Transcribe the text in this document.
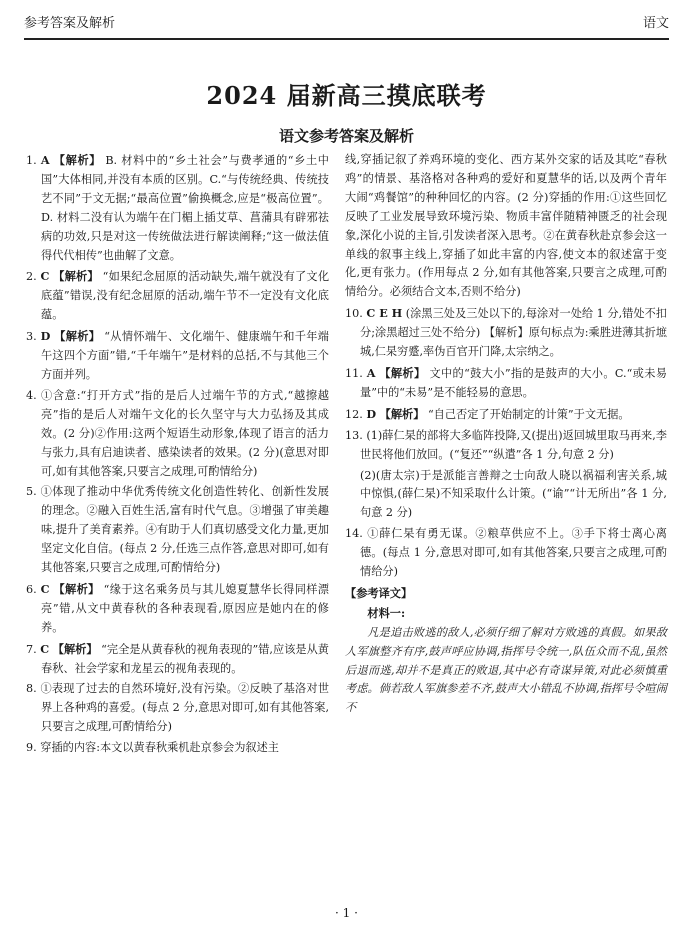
参考答案及解析	语文
2024 届新高三摸底联考
语文参考答案及解析

1. A 【解析】 B. 材料中的“乡土社会”与费孝通的“乡土中国”大体相同,并没有本质的区别。C.“与传统经典、传统技艺不同”于文无据;“最高位置”偷换概念,应是“极高位置”。D. 材料二没有认为端午在门楣上插艾草、菖蒲具有辟邪祛病的功效,只是对这一传统做法进行解读阐释;“这一做法值得代代相传”也曲解了文意。

2. C 【解析】 “如果纪念屈原的活动缺失,端午就没有了文化底蕴”错误,没有纪念屈原的活动,端午节不一定没有文化底蕴。

3. D 【解析】 “从情怀端午、文化端午、健康端午和千年端午这四个方面”错,“千年端午”是材料的总括,不与其他三个方面并列。

4. ①含意:“打开方式”指的是后人过端午节的方式,“越擦越亮”指的是后人对端午文化的长久坚守与大力弘扬及其成效。(2 分)②作用:这两个短语生动形象,体现了语言的活力与张力,具有启迪读者、感染读者的效果。(2 分)(意思对即可,如有其他答案,只要言之成理,可酌情给分)

5. ①体现了推动中华优秀传统文化创造性转化、创新性发展的理念。②融入百姓生活,富有时代气息。③增强了审美趣味,提升了美育素养。④有助于人们真切感受文化力量,更加坚定文化自信。(每点 2 分,任选三点作答,意思对即可,如有其他答案,只要言之成理,可酌情给分)

6. C 【解析】 “缘于这名乘务员与其儿媳夏慧华长得同样漂亮”错,从文中黄春秋的各种表现看,原因应是她内在的修养。

7. C 【解析】 “完全是从黄春秋的视角表现的”错,应该是从黄春秋、社会学家和龙星云的视角表现的。

8. ①表现了过去的自然环境好,没有污染。②反映了基洛对世界上各种鸡的喜爱。(每点 2 分,意思对即可,如有其他答案,只要言之成理,可酌情给分)

9. 穿插的内容:本文以黄春秋乘机赴京参会为叙述主

线,穿插记叙了养鸡环境的变化、西方某外交家的话及其吃“春秋鸡”的情景、基洛格对各种鸡的爱好和夏慧华的话,以及两个青年大闹“鸡餐馆”的种种回忆的内容。(2 分)穿插的作用:①这些回忆反映了工业发展导致环境污染、物质丰富伴随精神匮乏的社会现象,深化小说的主旨,引发读者深入思考。②在黄春秋赴京参会这一单线的叙事主线上,穿插了如此丰富的内容,使文本的叙述富于变化,更有张力。(作用每点 2 分,如有其他答案,只要言之成理,可酌情给分。必须结合文本,否则不给分)

10. C E H (涂黑三处及三处以下的,每涂对一处给 1 分,错处不扣分;涂黑超过三处不给分) 【解析】原句标点为:乘胜进薄其折墌城,仁杲穷蹙,率伪百官开门降,太宗纳之。

11. A 【解析】 文中的“鼓大小”指的是鼓声的大小。C.“或未易量”中的“未易”是不能轻易的意思。

12. D 【解析】 “自己否定了开始制定的计策”于文无据。

13. (1)薛仁杲的部将大多临阵投降,又(提出)返回城里取马再来,李世民将他们放回。(“复还”“纵遣”各 1 分,句意 2 分)

(2)(唐太宗)于是派能言善辩之士向敌人晓以祸福利害关系,城中惊惧,(薛仁杲)不知采取什么计策。(“谕”“计无所出”各 1 分,句意 2 分)

14. ①薛仁杲有勇无谋。②粮草供应不上。③手下将士离心离德。(每点 1 分,意思对即可,如有其他答案,只要言之成理,可酌情给分)

【参考译文】
材料一:

凡是追击败逃的敌人,必须仔细了解对方败逃的真假。如果敌人军旗整齐有序,鼓声呼应协调,指挥号令统一,队伍众而不乱,虽然后退而逃,却并不是真正的败退,其中必有奇谋异策,对此必须慎重考虑。倘若敌人军旗参差不齐,鼓声大小错乱不协调,指挥号令喧闹不

· 1 ·
